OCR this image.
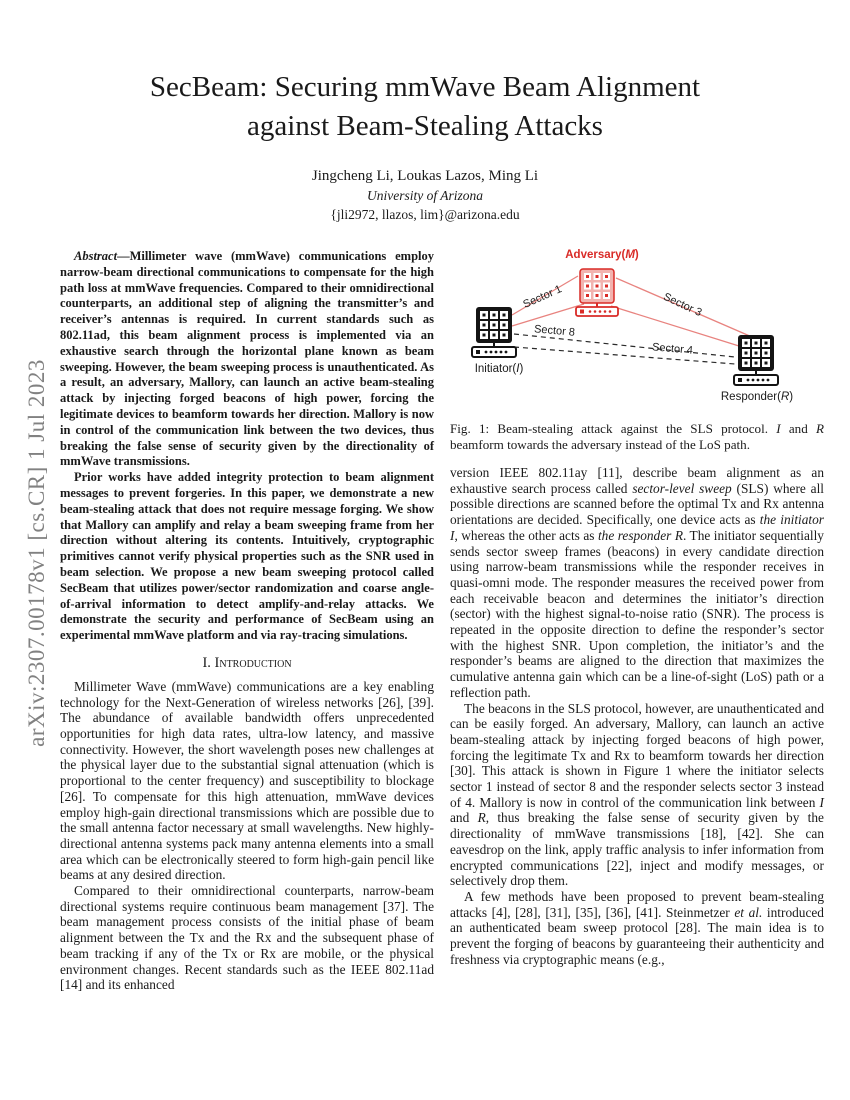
arXiv:2307.00178v1 [cs.CR] 1 Jul 2023
SecBeam: Securing mmWave Beam Alignment
against Beam-Stealing Attacks
Jingcheng Li, Loukas Lazos, Ming Li
University of Arizona
{jli2972, llazos, lim}@arizona.edu

Abstract—Millimeter wave (mmWave) communications employ narrow-beam directional communications to compensate for the high path loss at mmWave frequencies. Compared to their omnidirectional counterparts, an additional step of aligning the transmitter’s and receiver’s antennas is required. In current standards such as 802.11ad, this beam alignment process is implemented via an exhaustive search through the horizontal plane known as beam sweeping. However, the beam sweeping process is unauthenticated. As a result, an adversary, Mallory, can launch an active beam-stealing attack by injecting forged beacons of high power, forcing the legitimate devices to beamform towards her direction. Mallory is now in control of the communication link between the two devices, thus breaking the false sense of security given by the directionality of mmWave transmissions.

Prior works have added integrity protection to beam alignment messages to prevent forgeries. In this paper, we demonstrate a new beam-stealing attack that does not require message forging. We show that Mallory can amplify and relay a beam sweeping frame from her direction without altering its contents. Intuitively, cryptographic primitives cannot verify physical properties such as the SNR used in beam selection. We propose a new beam sweeping protocol called SecBeam that utilizes power/sector randomization and coarse angle-of-arrival information to detect amplify-and-relay attacks. We demonstrate the security and performance of SecBeam using an experimental mmWave platform and via ray-tracing simulations.

I. Introduction

Millimeter Wave (mmWave) communications are a key enabling technology for the Next-Generation of wireless networks [26], [39]. The abundance of available bandwidth offers unprecedented opportunities for high data rates, ultra-low latency, and massive connectivity. However, the short wavelength poses new challenges at the physical layer due to the substantial signal attenuation (which is proportional to the center frequency) and susceptibility to blockage [26]. To compensate for this high attenuation, mmWave devices employ high-gain directional transmissions which are possible due to the small antenna factor necessary at small wavelengths. New highly-directional antenna systems pack many antenna elements into a small area which can be electronically steered to form high-gain pencil like beams at any desired direction.

Compared to their omnidirectional counterparts, narrow-beam directional systems require continuous beam management [37]. The beam management process consists of the initial phase of beam alignment between the Tx and the Rx and the subsequent phase of beam tracking if any of the Tx or Rx are mobile, or the physical environment changes. Recent standards such as the IEEE 802.11ad [14] and its enhanced

Adversary(M)
Initiator(I)
Responder(R)
Sector 1	Sector 3
Sector 8
Sector 4
Fig. 1: Beam-stealing attack against the SLS protocol. I and R beamform towards the adversary instead of the LoS path.

version IEEE 802.11ay [11], describe beam alignment as an exhaustive search process called sector-level sweep (SLS) where all possible directions are scanned before the optimal Tx and Rx antenna orientations are decided. Specifically, one device acts as the initiator I, whereas the other acts as the responder R. The initiator sequentially sends sector sweep frames (beacons) in every candidate direction using narrow-beam transmissions while the responder receives in quasi-omni mode. The responder measures the received power from each receivable beacon and determines the initiator’s direction (sector) with the highest signal-to-noise ratio (SNR). The process is repeated in the opposite direction to define the responder’s sector with the highest SNR. Upon completion, the initiator’s and the responder’s beams are aligned to the direction that maximizes the cumulative antenna gain which can be a line-of-sight (LoS) path or a reflection path.

The beacons in the SLS protocol, however, are unauthenticated and can be easily forged. An adversary, Mallory, can launch an active beam-stealing attack by injecting forged beacons of high power, forcing the legitimate Tx and Rx to beamform towards her direction [30]. This attack is shown in Figure 1 where the initiator selects sector 1 instead of sector 8 and the responder selects sector 3 instead of 4. Mallory is now in control of the communication link between I and R, thus breaking the false sense of security given by the directionality of mmWave transmissions [18], [42]. She can eavesdrop on the link, apply traffic analysis to infer information from encrypted communications [22], inject and modify messages, or selectively drop them.

A few methods have been proposed to prevent beam-stealing attacks [4], [28], [31], [35], [36], [41]. Steinmetzer et al. introduced an authenticated beam sweep protocol [28]. The main idea is to prevent the forging of beacons by guaranteeing their authenticity and freshness via cryptographic means (e.g.,
